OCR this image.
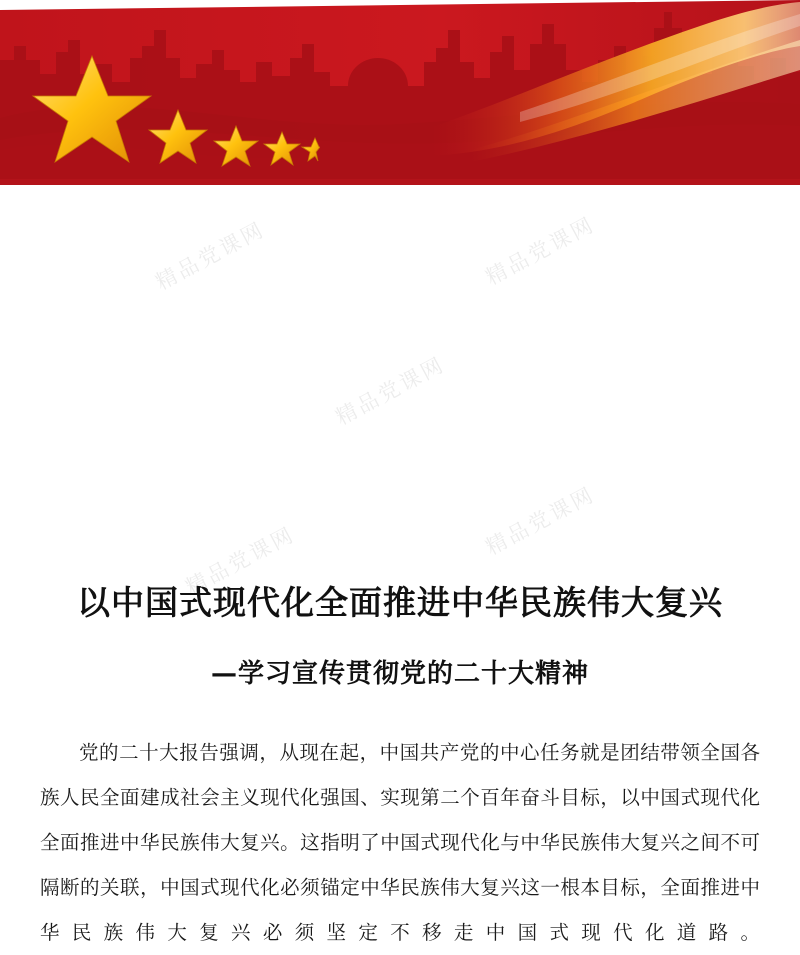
精品党课网	精品党课网
精品党课网
精品党课网
精品党课网
以中国式现代化全面推进中华民族伟大复兴
—学习宣传贯彻党的二十大精神
党的二十大报告强调，从现在起，中国共产党的中心任务就是团结带领全国各族人民全面建成社会主义现代化强国、实现第二个百年奋斗目标，以中国式现代化全面推进中华民族伟大复兴。这指明了中国式现代化与中华民族伟大复兴之间不可隔断的关联，中国式现代化必须锚定中华民族伟大复兴这一根本目标，全面推进中华民族伟大复兴必须坚定不移走中国式现代化道路。
